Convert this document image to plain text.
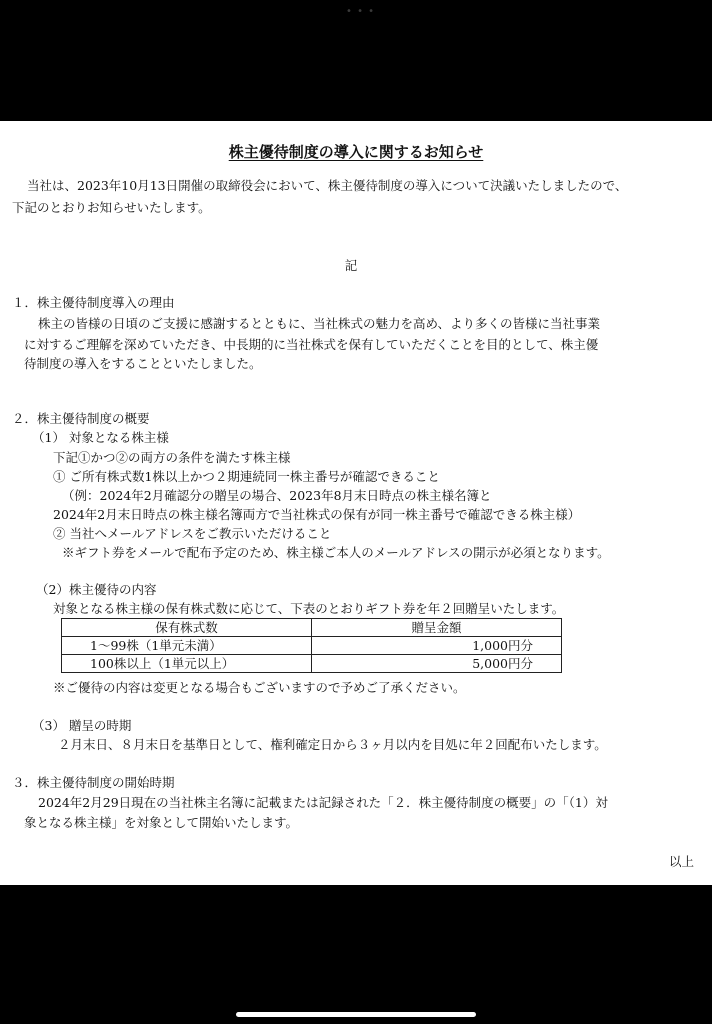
• • •
株主優待制度の導入に関するお知らせ
当社は、2023年10月13日開催の取締役会において、株主優待制度の導入について決議いたしましたので、
下記のとおりお知らせいたします。
記
１．株主優待制度導入の理由
株主の皆様の日頃のご支援に感謝するとともに、当社株式の魅力を高め、より多くの皆様に当社事業
に対するご理解を深めていただき、中長期的に当社株式を保有していただくことを目的として、株主優
待制度の導入をすることといたしました。
２．株主優待制度の概要
（1） 対象となる株主様
下記①かつ②の両方の条件を満たす株主様
① ご所有株式数1株以上かつ２期連続同一株主番号が確認できること
（例：2024年2月確認分の贈呈の場合、2023年8月末日時点の株主様名簿と
2024年2月末日時点の株主様名簿両方で当社株式の保有が同一株主番号で確認できる株主様）
② 当社へメールアドレスをご教示いただけること
※ギフト券をメールで配布予定のため、株主様ご本人のメールアドレスの開示が必須となります。
（2）株主優待の内容
対象となる株主様の保有株式数に応じて、下表のとおりギフト券を年２回贈呈いたします。
保有株式数	贈呈金額
1～99株（1単元未満）	1,000円分
100株以上（1単元以上）	5,000円分
※ご優待の内容は変更となる場合もございますので予めご了承ください。
（3） 贈呈の時期
２月末日、８月末日を基準日として、権利確定日から３ヶ月以内を目処に年２回配布いたします。
３．株主優待制度の開始時期
2024年2月29日現在の当社株主名簿に記載または記録された「２．株主優待制度の概要」の「（1）対
象となる株主様」を対象として開始いたします。
以上
